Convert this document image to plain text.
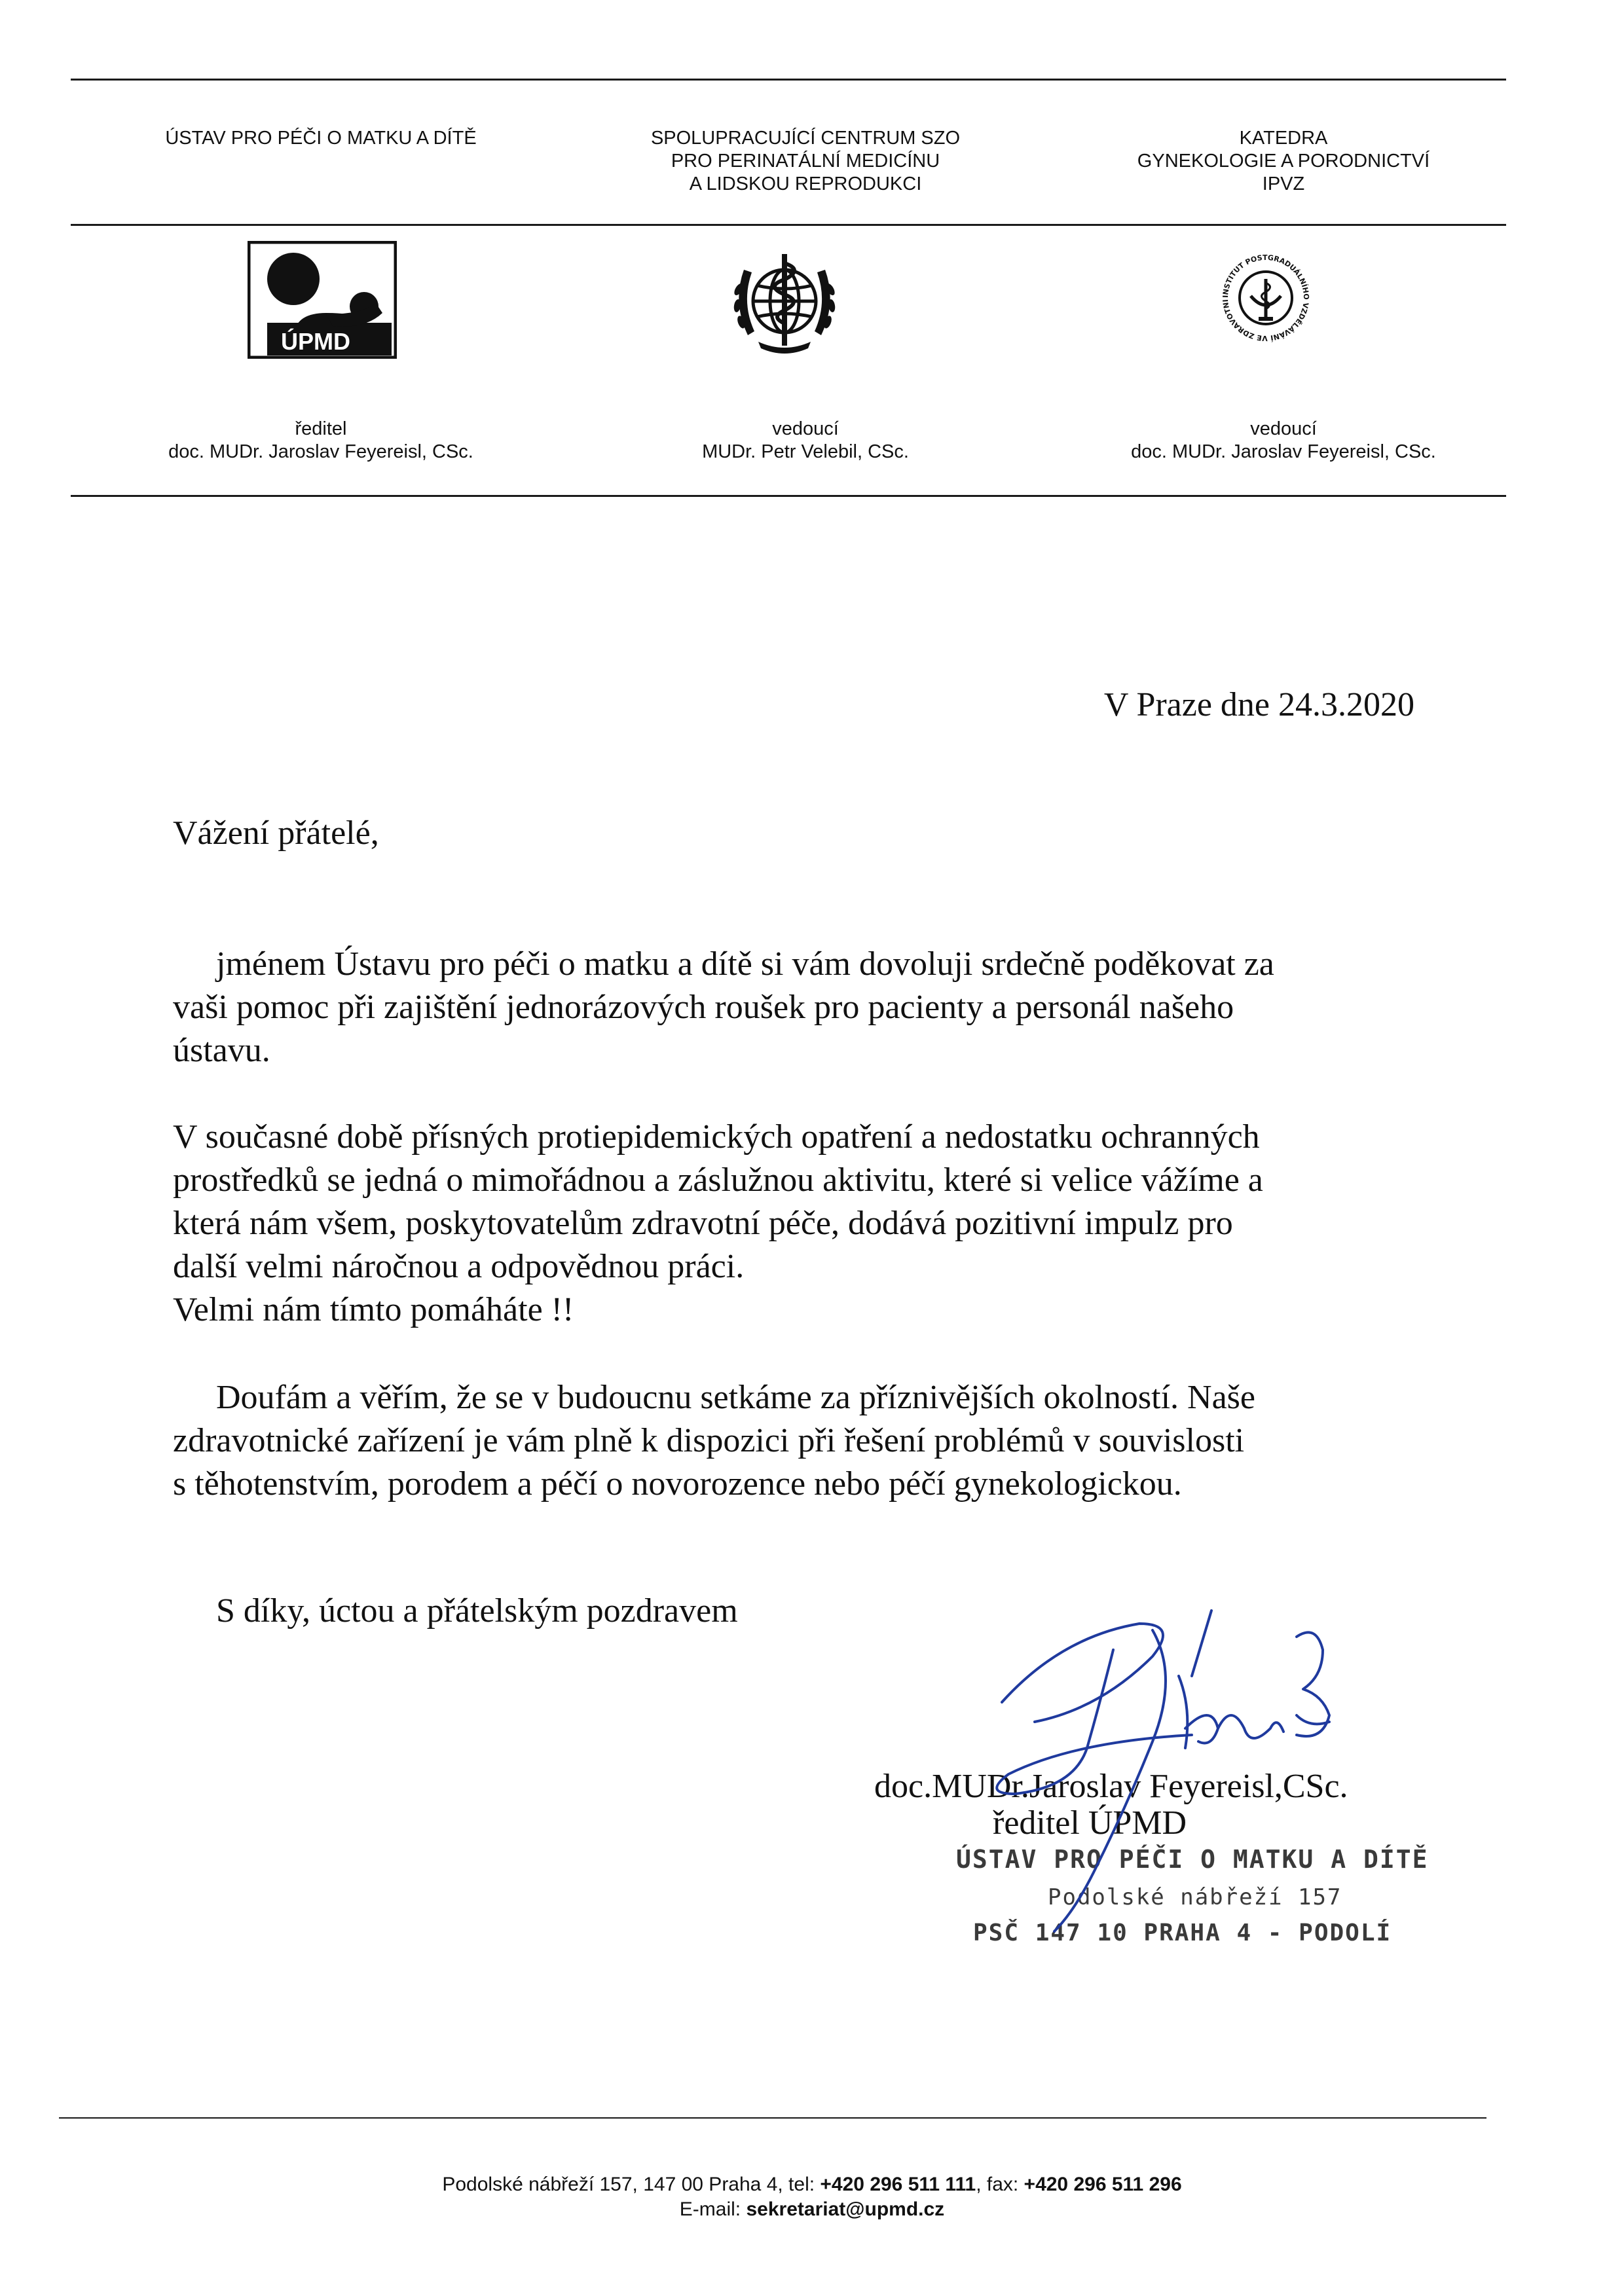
ÚSTAV PRO PÉČI O MATKU A DÍTĚ	SPOLUPRACUJÍCÍ CENTRUM SZO
PRO PERINATÁLNÍ MEDICÍNU
A LIDSKOU REPRODUKCI
KATEDRA
GYNEKOLOGIE A PORODNICTVÍ
IPVZ
ÚPMD
INSTITUT POSTGRADUÁLNÍHO VZDĚLÁVÁNÍ VE ZDRAVOTNI
ředitel
doc. MUDr. Jaroslav Feyereisl, CSc.
vedoucí
MUDr. Petr Velebil, CSc.
vedoucí
doc. MUDr. Jaroslav Feyereisl, CSc.
V Praze dne 24.3.2020
Vážení přátelé,
jménem Ústavu pro péči o matku a dítě si vám dovoluji srdečně poděkovat za
vaši pomoc při zajištění jednorázových roušek pro pacienty a personál našeho
ústavu.
V současné době přísných protiepidemických opatření a nedostatku ochranných
prostředků se jedná o mimořádnou a záslužnou aktivitu, které si velice vážíme a
která nám všem, poskytovatelům zdravotní péče, dodává pozitivní impulz pro
další velmi náročnou a odpovědnou práci.
Velmi nám tímto pomáháte !!
Doufám a věřím, že se v budoucnu setkáme za příznivějších okolností. Naše
zdravotnické zařízení je vám plně k dispozici při řešení problémů v souvislosti
s těhotenstvím, porodem a péčí o novorozence nebo péčí gynekologickou.
S díky, úctou a přátelským pozdravem
doc.MUDr.Jaroslav Feyereisl,CSc.
ředitel ÚPMD
ÚSTAV PRO PÉČI O MATKU A DÍTĚ
Podolské nábřeží 157
PSČ 147 10 PRAHA 4 - PODOLÍ
Podolské nábřeží 157, 147 00 Praha 4, tel: +420 296 511 111, fax: +420 296 511 296
E-mail: sekretariat@upmd.cz
